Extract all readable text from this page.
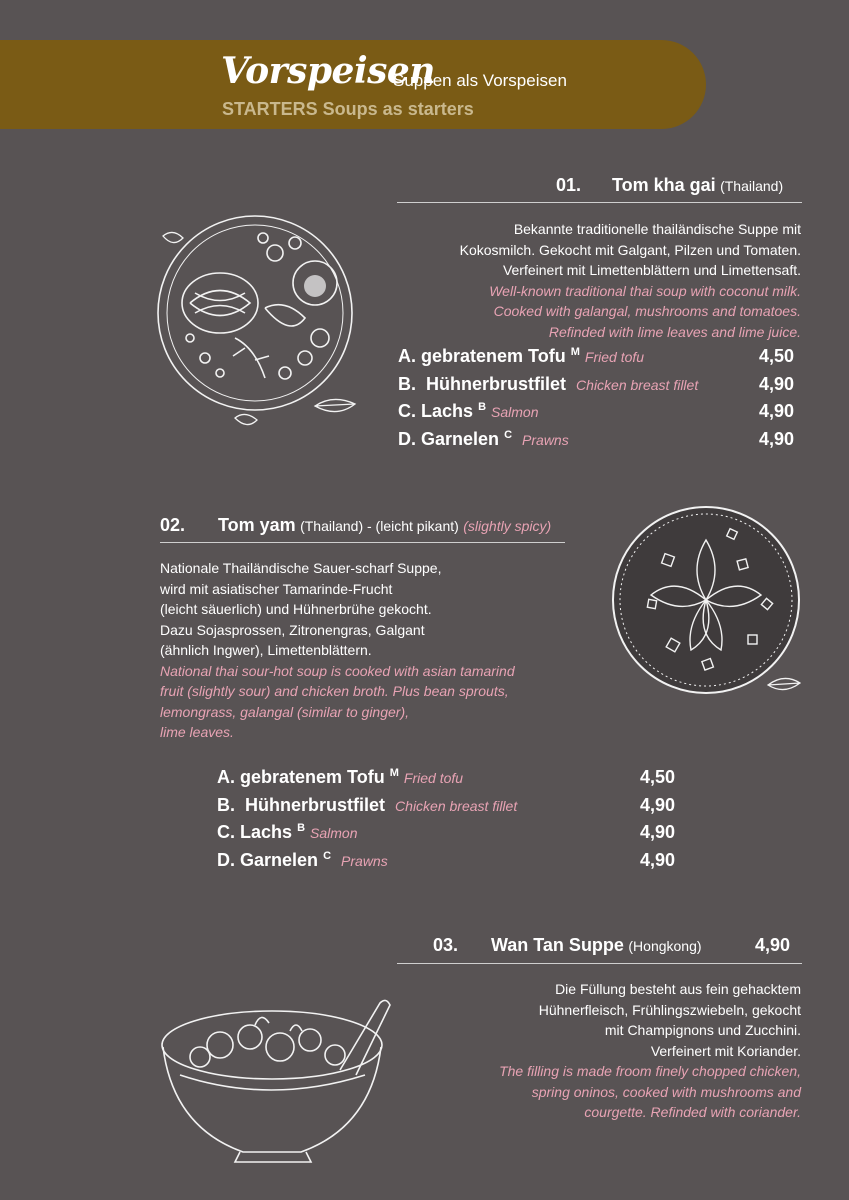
Vorspeisen
Suppen als Vorspeisen
STARTERS Soups as starters
01. Tom kha gai (Thailand)

Bekannte traditionelle thailändische Suppe mit

Kokosmilch. Gekocht mit Galgant, Pilzen und Tomaten.

Verfeinert mit Limettenblättern und Limettensaft.

Well-known traditional thai soup with coconut milk.

Cooked with galangal, mushrooms and tomatoes.

Refinded with lime leaves and lime juice.

A. gebratenem Tofu $^M$ Fried tofu	4,50
B. Hühnerbrustfilet Chicken breast fillet	4,90
C. Lachs $^B$ Salmon	4,90
D. Garnelen $^C$ Prawns	4,90
02. Tom yam (Thailand) - (leicht pikant) (slightly spicy)

Nationale Thailändische Sauer-scharf Suppe,

wird mit asiatischer Tamarinde-Frucht

(leicht säuerlich) und Hühnerbrühe gekocht.

Dazu Sojasprossen, Zitronengras, Galgant

(ähnlich Ingwer), Limettenblättern.

National thai sour-hot soup is cooked with asian tamarind

fruit (slightly sour) and chicken broth. Plus bean sprouts,

lemongrass, galangal (similar to ginger),

lime leaves.

A. gebratenem Tofu $^M$ Fried tofu	4,50
B. Hühnerbrustfilet Chicken breast fillet	4,90
C. Lachs $^B$ Salmon	4,90
D. Garnelen $^C$ Prawns	4,90
03. Wan Tan Suppe (Hongkong)	4,90

Die Füllung besteht aus fein gehacktem

Hühnerfleisch, Frühlingszwiebeln, gekocht

mit Champignons und Zucchini.

Verfeinert mit Koriander.

The filling is made froom finely chopped chicken,

spring oninos, cooked with mushrooms and

courgette. Refinded with coriander.
